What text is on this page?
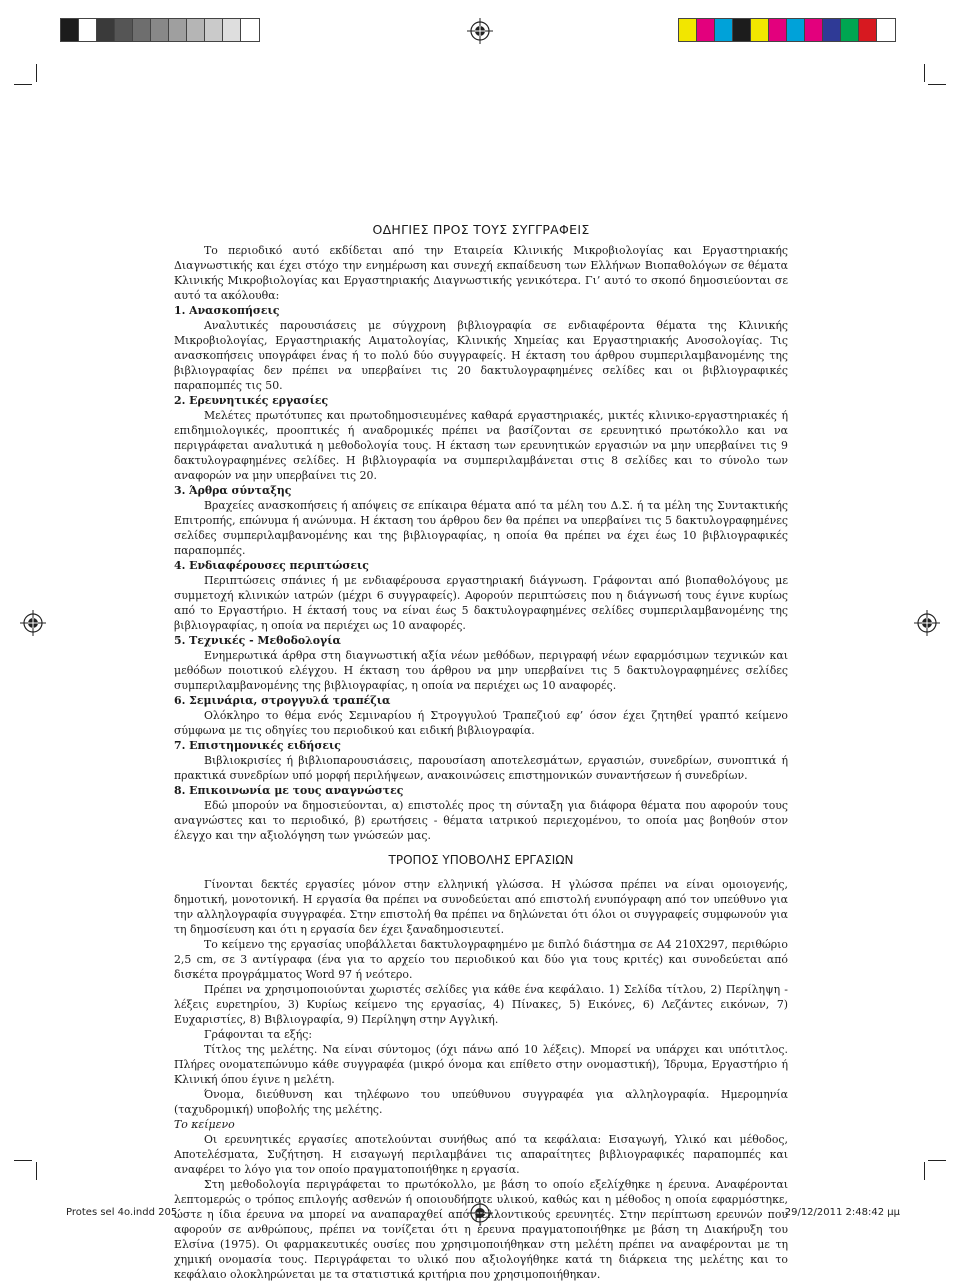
ΟΔΗΓΙΕΣ ΠΡΟΣ ΤΟΥΣ ΣΥΓΓΡΑΦΕΙΣ

Το περιοδικό αυτό εκδίδεται από την Εταιρεία Κλινικής Μικροβιολογίας και Εργαστηριακής Διαγνωστικής και έχει στόχο την ενημέρωση και συνεχή εκπαίδευση των Ελλήνων Βιοπαθολόγων σε θέματα Κλινικής Μικροβιολογίας και Εργαστηριακής Διαγνωστικής γενικότερα. Γι’ αυτό το σκοπό δημοσιεύονται σε αυτό τα ακόλουθα:

1. Ανασκοπήσεις

Αναλυτικές παρουσιάσεις με σύγχρονη βιβλιογραφία σε ενδιαφέροντα θέματα της Κλινικής Μικροβιολογίας, Εργαστηριακής Αιματολογίας, Κλινικής Χημείας και Εργαστηριακής Ανοσολογίας. Τις ανασκοπήσεις υπογράφει ένας ή το πολύ δύο συγγραφείς. Η έκταση του άρθρου συμπεριλαμβανομένης της βιβλιογραφίας δεν πρέπει να υπερβαίνει τις 20 δακτυλογραφημένες σελίδες και οι βιβλιογραφικές παραπομπές τις 50.

2. Ερευνητικές εργασίες

Μελέτες πρωτότυπες και πρωτοδημοσιευμένες καθαρά εργαστηριακές, μικτές κλινικο-εργαστηριακές ή επιδημιολογικές, προοπτικές ή αναδρομικές πρέπει να βασίζονται σε ερευνητικό πρωτόκολλο και να περιγράφεται αναλυτικά η μεθοδολογία τους. Η έκταση των ερευνητικών εργασιών να μην υπερβαίνει τις 9 δακτυλογραφημένες σελίδες. Η βιβλιογραφία να συμπεριλαμβάνεται στις 8 σελίδες και το σύνολο των αναφορών να μην υπερβαίνει τις 20.

3. Άρθρα σύνταξης

Βραχείες ανασκοπήσεις ή απόψεις σε επίκαιρα θέματα από τα μέλη του Δ.Σ. ή τα μέλη της Συντακτικής Επιτροπής, επώνυμα ή ανώνυμα. Η έκταση του άρθρου δεν θα πρέπει να υπερβαίνει τις 5 δακτυλογραφημένες σελίδες συμπεριλαμβανομένης και της βιβλιογραφίας, η οποία θα πρέπει να έχει έως 10 βιβλιογραφικές παραπομπές.

4. Ενδιαφέρουσες περιπτώσεις

Περιπτώσεις σπάνιες ή με ενδιαφέρουσα εργαστηριακή διάγνωση. Γράφονται από βιοπαθολόγους με συμμετοχή κλινικών ιατρών (μέχρι 6 συγγραφείς). Αφορούν περιπτώσεις που η διάγνωσή τους έγινε κυρίως από το Εργαστήριο. Η έκτασή τους να είναι έως 5 δακτυλογραφημένες σελίδες συμπεριλαμβανομένης της βιβλιογραφίας, η οποία να περιέχει ως 10 αναφορές.

5. Τεχνικές - Μεθοδολογία

Ενημερωτικά άρθρα στη διαγνωστική αξία νέων μεθόδων, περιγραφή νέων εφαρμόσιμων τεχνικών και μεθόδων ποιοτικού ελέγχου. Η έκταση του άρθρου να μην υπερβαίνει τις 5 δακτυλογραφημένες σελίδες συμπεριλαμβανομένης της βιβλιογραφίας, η οποία να περιέχει ως 10 αναφορές.

6. Σεμινάρια, στρογγυλά τραπέζια

Ολόκληρο το θέμα ενός Σεμιναρίου ή Στρογγυλού Τραπεζιού εφ’ όσον έχει ζητηθεί γραπτό κείμενο σύμφωνα με τις οδηγίες του περιοδικού και ειδική βιβλιογραφία.

7. Επιστημονικές ειδήσεις

Βιβλιοκρισίες ή βιβλιοπαρουσιάσεις, παρουσίαση αποτελεσμάτων, εργασιών, συνεδρίων, συνοπτικά ή πρακτικά συνεδρίων υπό μορφή περιλήψεων, ανακοινώσεις επιστημονικών συναντήσεων ή συνεδρίων.

8. Επικοινωνία με τους αναγνώστες

Εδώ μπορούν να δημοσιεύονται, α) επιστολές προς τη σύνταξη για διάφορα θέματα που αφορούν τους αναγνώστες και το περιοδικό, β) ερωτήσεις - θέματα ιατρικού περιεχομένου, το οποία μας βοηθούν στον έλεγχο και την αξιολόγηση των γνώσεών μας.

ΤΡΟΠΟΣ ΥΠΟΒΟΛΗΣ ΕΡΓΑΣΙΩΝ

Γίνονται δεκτές εργασίες μόνον στην ελληνική γλώσσα. Η γλώσσα πρέπει να είναι ομοιογενής, δημοτική, μονοτονική. Η εργασία θα πρέπει να συνοδεύεται από επιστολή ενυπόγραφη από τον υπεύθυνο για την αλληλογραφία συγγραφέα. Στην επιστολή θα πρέπει να δηλώνεται ότι όλοι οι συγγραφείς συμφωνούν για τη δημοσίευση και ότι η εργασία δεν έχει ξαναδημοσιευτεί.

Το κείμενο της εργασίας υποβάλλεται δακτυλογραφημένο με διπλό διάστημα σε Α4 210Χ297, περιθώριο 2,5 cm, σε 3 αντίγραφα (ένα για το αρχείο του περιοδικού και δύο για τους κριτές) και συνοδεύεται από δισκέτα προγράμματος Word 97 ή νεότερο.

Πρέπει να χρησιμοποιούνται χωριστές σελίδες για κάθε ένα κεφάλαιο. 1) Σελίδα τίτλου, 2) Περίληψη - λέξεις ευρετηρίου, 3) Κυρίως κείμενο της εργασίας, 4) Πίνακες, 5) Εικόνες, 6) Λεζάντες εικόνων, 7) Ευχαριστίες, 8) Βιβλιογραφία, 9) Περίληψη στην Αγγλική.

Γράφονται τα εξής:

Τίτλος της μελέτης. Να είναι σύντομος (όχι πάνω από 10 λέξεις). Μπορεί να υπάρχει και υπότιτλος. Πλήρες ονοματεπώνυμο κάθε συγγραφέα (μικρό όνομα και επίθετο στην ονομαστική), Ίδρυμα, Εργαστήριο ή Κλινική όπου έγινε η μελέτη.

Όνομα, διεύθυνση και τηλέφωνο του υπεύθυνου συγγραφέα για αλληλογραφία. Ημερομηνία (ταχυδρομική) υποβολής της μελέτης.

Το κείμενο

Οι ερευνητικές εργασίες αποτελούνται συνήθως από τα κεφάλαια: Εισαγωγή, Υλικό και μέθοδος, Αποτελέσματα, Συζήτηση. Η εισαγωγή περιλαμβάνει τις απαραίτητες βιβλιογραφικές παραπομπές και αναφέρει το λόγο για τον οποίο πραγματοποιήθηκε η εργασία.

Στη μεθοδολογία περιγράφεται το πρωτόκολλο, με βάση το οποίο εξελίχθηκε η έρευνα. Αναφέρονται λεπτομερώς ο τρόπος επιλογής ασθενών ή οποιουδήποτε υλικού, καθώς και η μέθοδος η οποία εφαρμόστηκε, ώστε η ίδια έρευνα να μπορεί να αναπαραχθεί από μελλοντικούς ερευνητές. Στην περίπτωση ερευνών που αφορούν σε ανθρώπους, πρέπει να τονίζεται ότι η έρευνα πραγματοποιήθηκε με βάση τη Διακήρυξη του Ελσίνα (1975). Οι φαρμακευτικές ουσίες που χρησιμοποιήθηκαν στη μελέτη πρέπει να αναφέρονται με τη χημική ονομασία τους. Περιγράφεται το υλικό που αξιολογήθηκε κατά τη διάρκεια της μελέτης και το κεφάλαιο ολοκληρώνεται με τα στατιστικά κριτήρια που χρησιμοποιήθηκαν.

Protes sel 4o.indd 205	29/12/2011 2:48:42 μμ
